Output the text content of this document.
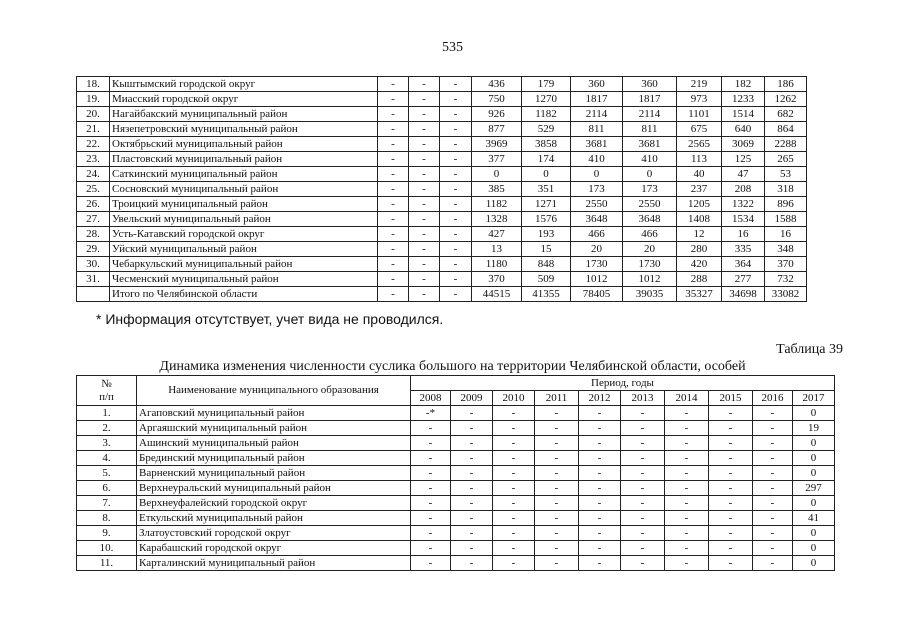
535
18.	Кыштымский городской округ	-	-	-	436	179	360	360	219	182	186
19.	Миасский городской округ	-	-	-	750	1270	1817	1817	973	1233	1262
20.	Нагайбакский муниципальный район	-	-	-	926	1182	2114	2114	1101	1514	682
21.	Нязепетровский муниципальный район	-	-	-	877	529	811	811	675	640	864
22.	Октябрьский муниципальный район	-	-	-	3969	3858	3681	3681	2565	3069	2288
23.	Пластовский муниципальный район	-	-	-	377	174	410	410	113	125	265
24.	Саткинский муниципальный район	-	-	-	0	0	0	0	40	47	53
25.	Сосновский муниципальный район	-	-	-	385	351	173	173	237	208	318
26.	Троицкий муниципальный район	-	-	-	1182	1271	2550	2550	1205	1322	896
27.	Увельский муниципальный район	-	-	-	1328	1576	3648	3648	1408	1534	1588
28.	Усть-Катавский городской округ	-	-	-	427	193	466	466	12	16	16
29.	Уйский муниципальный район	-	-	-	13	15	20	20	280	335	348
30.	Чебаркульский муниципальный район	-	-	-	1180	848	1730	1730	420	364	370
31.	Чесменский муниципальный район	-	-	-	370	509	1012	1012	288	277	732
	Итого по Челябинской области	-	-	-	44515	41355	78405	39035	35327	34698	33082
* Информация отсутствует, учет вида не проводился.
Таблица 39
Динамика изменения численности суслика большого на территории Челябинской области, особей
№
п/п	Наименование муниципального образования	Период, годы									
		2008	2009	2010	2011	2012	2013	2014	2015	2016	2017
1.	Агаповский муниципальный район	-*	-	-	-	-	-	-	-	-	0
2.	Аргаяшский муниципальный район	-	-	-	-	-	-	-	-	-	19
3.	Ашинский муниципальный район	-	-	-	-	-	-	-	-	-	0
4.	Брединский муниципальный район	-	-	-	-	-	-	-	-	-	0
5.	Варненский муниципальный район	-	-	-	-	-	-	-	-	-	0
6.	Верхнеуральский муниципальный район	-	-	-	-	-	-	-	-	-	297
7.	Верхнеуфалейский городской округ	-	-	-	-	-	-	-	-	-	0
8.	Еткульский муниципальный район	-	-	-	-	-	-	-	-	-	41
9.	Златоустовский городской округ	-	-	-	-	-	-	-	-	-	0
10.	Карабашский городской округ	-	-	-	-	-	-	-	-	-	0
11.	Карталинский муниципальный район	-	-	-	-	-	-	-	-	-	0
